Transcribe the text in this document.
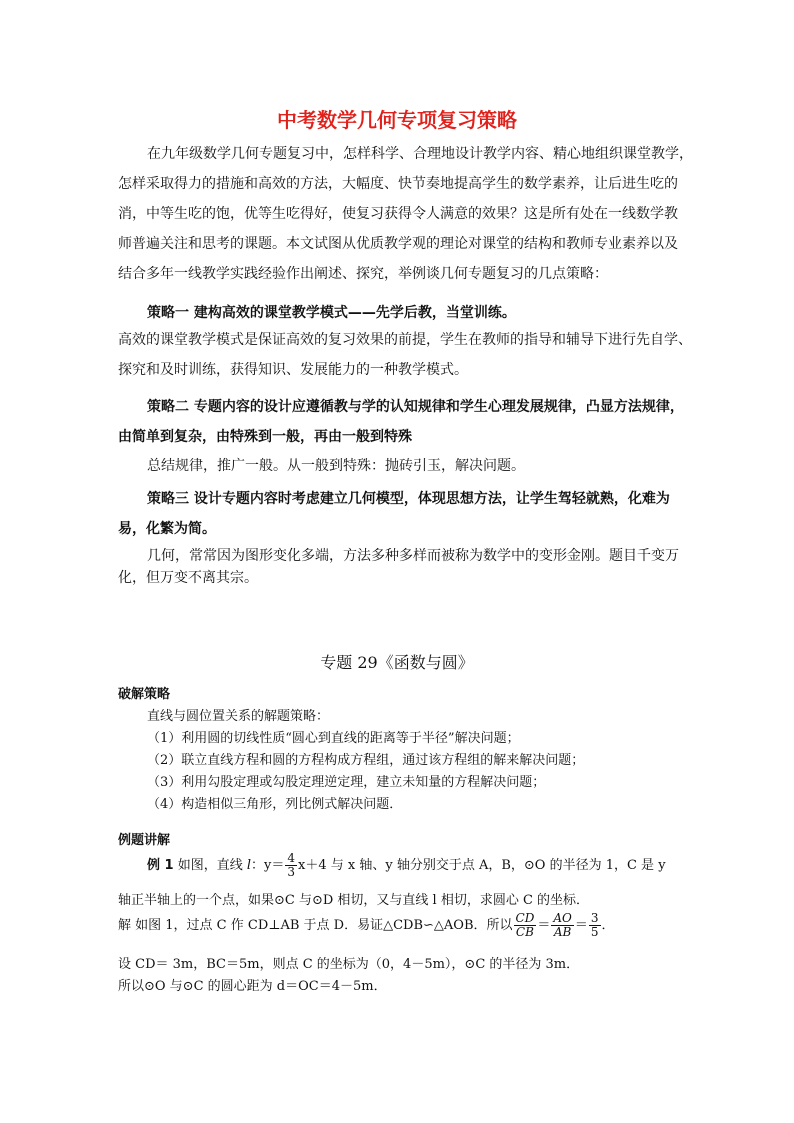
中考数学几何专项复习策略
在九年级数学几何专题复习中，怎样科学、合理地设计教学内容、精心地组织课堂教学，
怎样采取得力的措施和高效的方法，大幅度、快节奏地提高学生的数学素养，让后进生吃的
消，中等生吃的饱，优等生吃得好，使复习获得令人满意的效果？这是所有处在一线数学教
师普遍关注和思考的课题。本文试图从优质教学观的理论对课堂的结构和教师专业素养以及
结合多年一线教学实践经验作出阐述、探究，举例谈几何专题复习的几点策略：
策略一 建构高效的课堂教学模式——先学后教，当堂训练。
高效的课堂教学模式是保证高效的复习效果的前提，学生在教师的指导和辅导下进行先自学、
探究和及时训练，获得知识、发展能力的一种教学模式。
策略二 专题内容的设计应遵循教与学的认知规律和学生心理发展规律，凸显方法规律，
由简单到复杂，由特殊到一般，再由一般到特殊
总结规律，推广一般。从一般到特殊：抛砖引玉，解决问题。
策略三 设计专题内容时考虑建立几何模型，体现思想方法，让学生驾轻就熟，化难为
易，化繁为简。
几何，常常因为图形变化多端，方法多种多样而被称为数学中的变形金刚。题目千变万
化，但万变不离其宗。
专题 29《函数与圆》
破解策略
直线与圆位置关系的解题策略：
（1）利用圆的切线性质“圆心到直线的距离等于半径”解决问题；
（2）联立直线方程和圆的方程构成方程组，通过该方程组的解来解决问题；
（3）利用勾股定理或勾股定理逆定理，建立未知量的方程解决问题；
（4）构造相似三角形，列比例式解决问题．
例题讲解
例 1 如图，直线 l：$y= \frac{4}{3} x+4$ 与 x 轴、y 轴分别交于点 A，B，⊙O 的半径为 1，C 是 y
轴正半轴上的一个点，如果⊙C 与⊙D 相切，又与直线 l 相切，求圆心 C 的坐标．
解 如图 1，过点 C 作 CD⊥AB 于点 D．易证△CDB∽△AOB．所以 $\frac{CD}{CB} = \frac{AO}{AB} = \frac{3}{5}$ ．
设 CD＝ 3m，BC＝5m，则点 C 的坐标为（0，4－5m），⊙C 的半径为 3m．
所以⊙O 与⊙C 的圆心距为 d＝OC＝4－5m．
